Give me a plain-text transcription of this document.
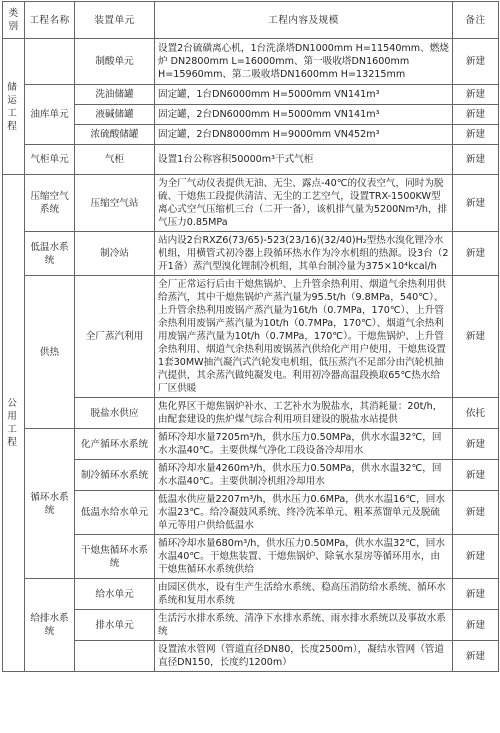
类别	工程名称	装置单元	工程内容及规模	备注

储运工程		制酸单元	设置2台硫磺离心机，1台洗涤塔DN1000mm H=11540mm、燃烧炉 DN2800mm L=16000mm、第一吸收塔DN1600mm H=15960mm、第二吸收塔DN1600mm H=13215mm	新建
	油库单元	洗油储罐	固定罐，1台DN6000mm H=5000mm VN141m³	新建
		液碱储罐	固定罐，2台DN6000mm H=5000mm VN141m³	新建
		浓硫酸储罐	固定罐，2台DN8000mm H=9000mm VN452m³	新建
	气柜单元	气柜	设置1台公称容积50000m³干式气柜	新建

公用工程	压缩空气系统	压缩空气站	为全厂气动仪表提供无油、无尘、露点-40℃的仪表空气，同时为脱硫、干熄焦工段提供清洁、无尘的工艺空气，设置TRX-1500KW型离心式空气压缩机三台（二开一备），该机排气量为5200Nm³/h，排气压力0.85MPa	新建
	低温水系统	制冷站	站内设2台RXZ6(73/65)-523(23/16)(32/40)H₂型热水溴化锂冷水机组，用横管式初冷器上段循环热水作为冷水机组的热源。设3台（2开1备）蒸汽型溴化锂制冷机组，其单台制冷量为375×10⁴kcal/h	新建
	供热	全厂蒸汽利用	全厂正常运行后由干熄焦锅炉、上升管余热利用、烟道气余热利用供给蒸汽，其中干熄焦锅炉产蒸汽量为95.5t/h（9.8MPa，540℃）、上升管余热利用废锅产蒸汽量为16t/h（0.7MPa，170℃）、上升管余热利用废锅产蒸汽量为10t/h（0.7MPa，170℃）、烟道气余热利用废锅产蒸汽量为10t/h（0.7MPa，170℃）。干熄焦锅炉、上升管余热利用、烟道气余热利用废锅蒸汽供给化产用户使用，干熄焦设置1套30MW抽汽凝汽式汽轮发电机组，低压蒸汽不足部分由汽轮机抽汽提供，其余蒸汽做纯凝发电。利用初冷器高温段换取65℃热水给厂区供暖	新建
		脱盐水供应	焦化界区干熄焦锅炉补水、工艺补水为脱盐水，其消耗量：20t/h，由配套建设的焦炉煤气综合利用项目建设的脱盐水站提供	依托
	循环水系统	化产循环水系统	循环冷却水量7205m³/h，供水压力0.50MPa，供水水温32℃，回水水温40℃。主要供煤气净化工段设备冷却用水	新建
		制冷循环水系统	循环冷却水量4260m³/h，供水压力0.50MPa，供水水温32℃，回水水温40℃。主要供制冷机组冷却用水	新建
		低温水给水单元	低温水供应量2207m³/h，供水压力0.6MPa，供水水温16℃，回水水温23℃。给冷凝鼓风系统、终冷洗苯单元、粗苯蒸馏单元及脱硫单元等用户供给低温水	新建
		干熄焦循环水系统	循环冷却水量680m³/h，供水压力0.50MPa，供水水温32℃，回水水温40℃。干熄焦装置、干熄焦锅炉、除氧水泵房等循环用水，由干熄焦循环水系统供给	新建
	给排水系统	给水单元	由园区供水，设有生产生活给水系统、稳高压消防给水系统、循环水系统和复用水系统	新建
		排水单元	生活污水排水系统、清净下水排水系统、雨水排水系统以及事故水系统	新建
			设置浓水管网（管道直径DN80，长度2500m），凝结水管网（管道直径DN150，长度约1200m）	新建
